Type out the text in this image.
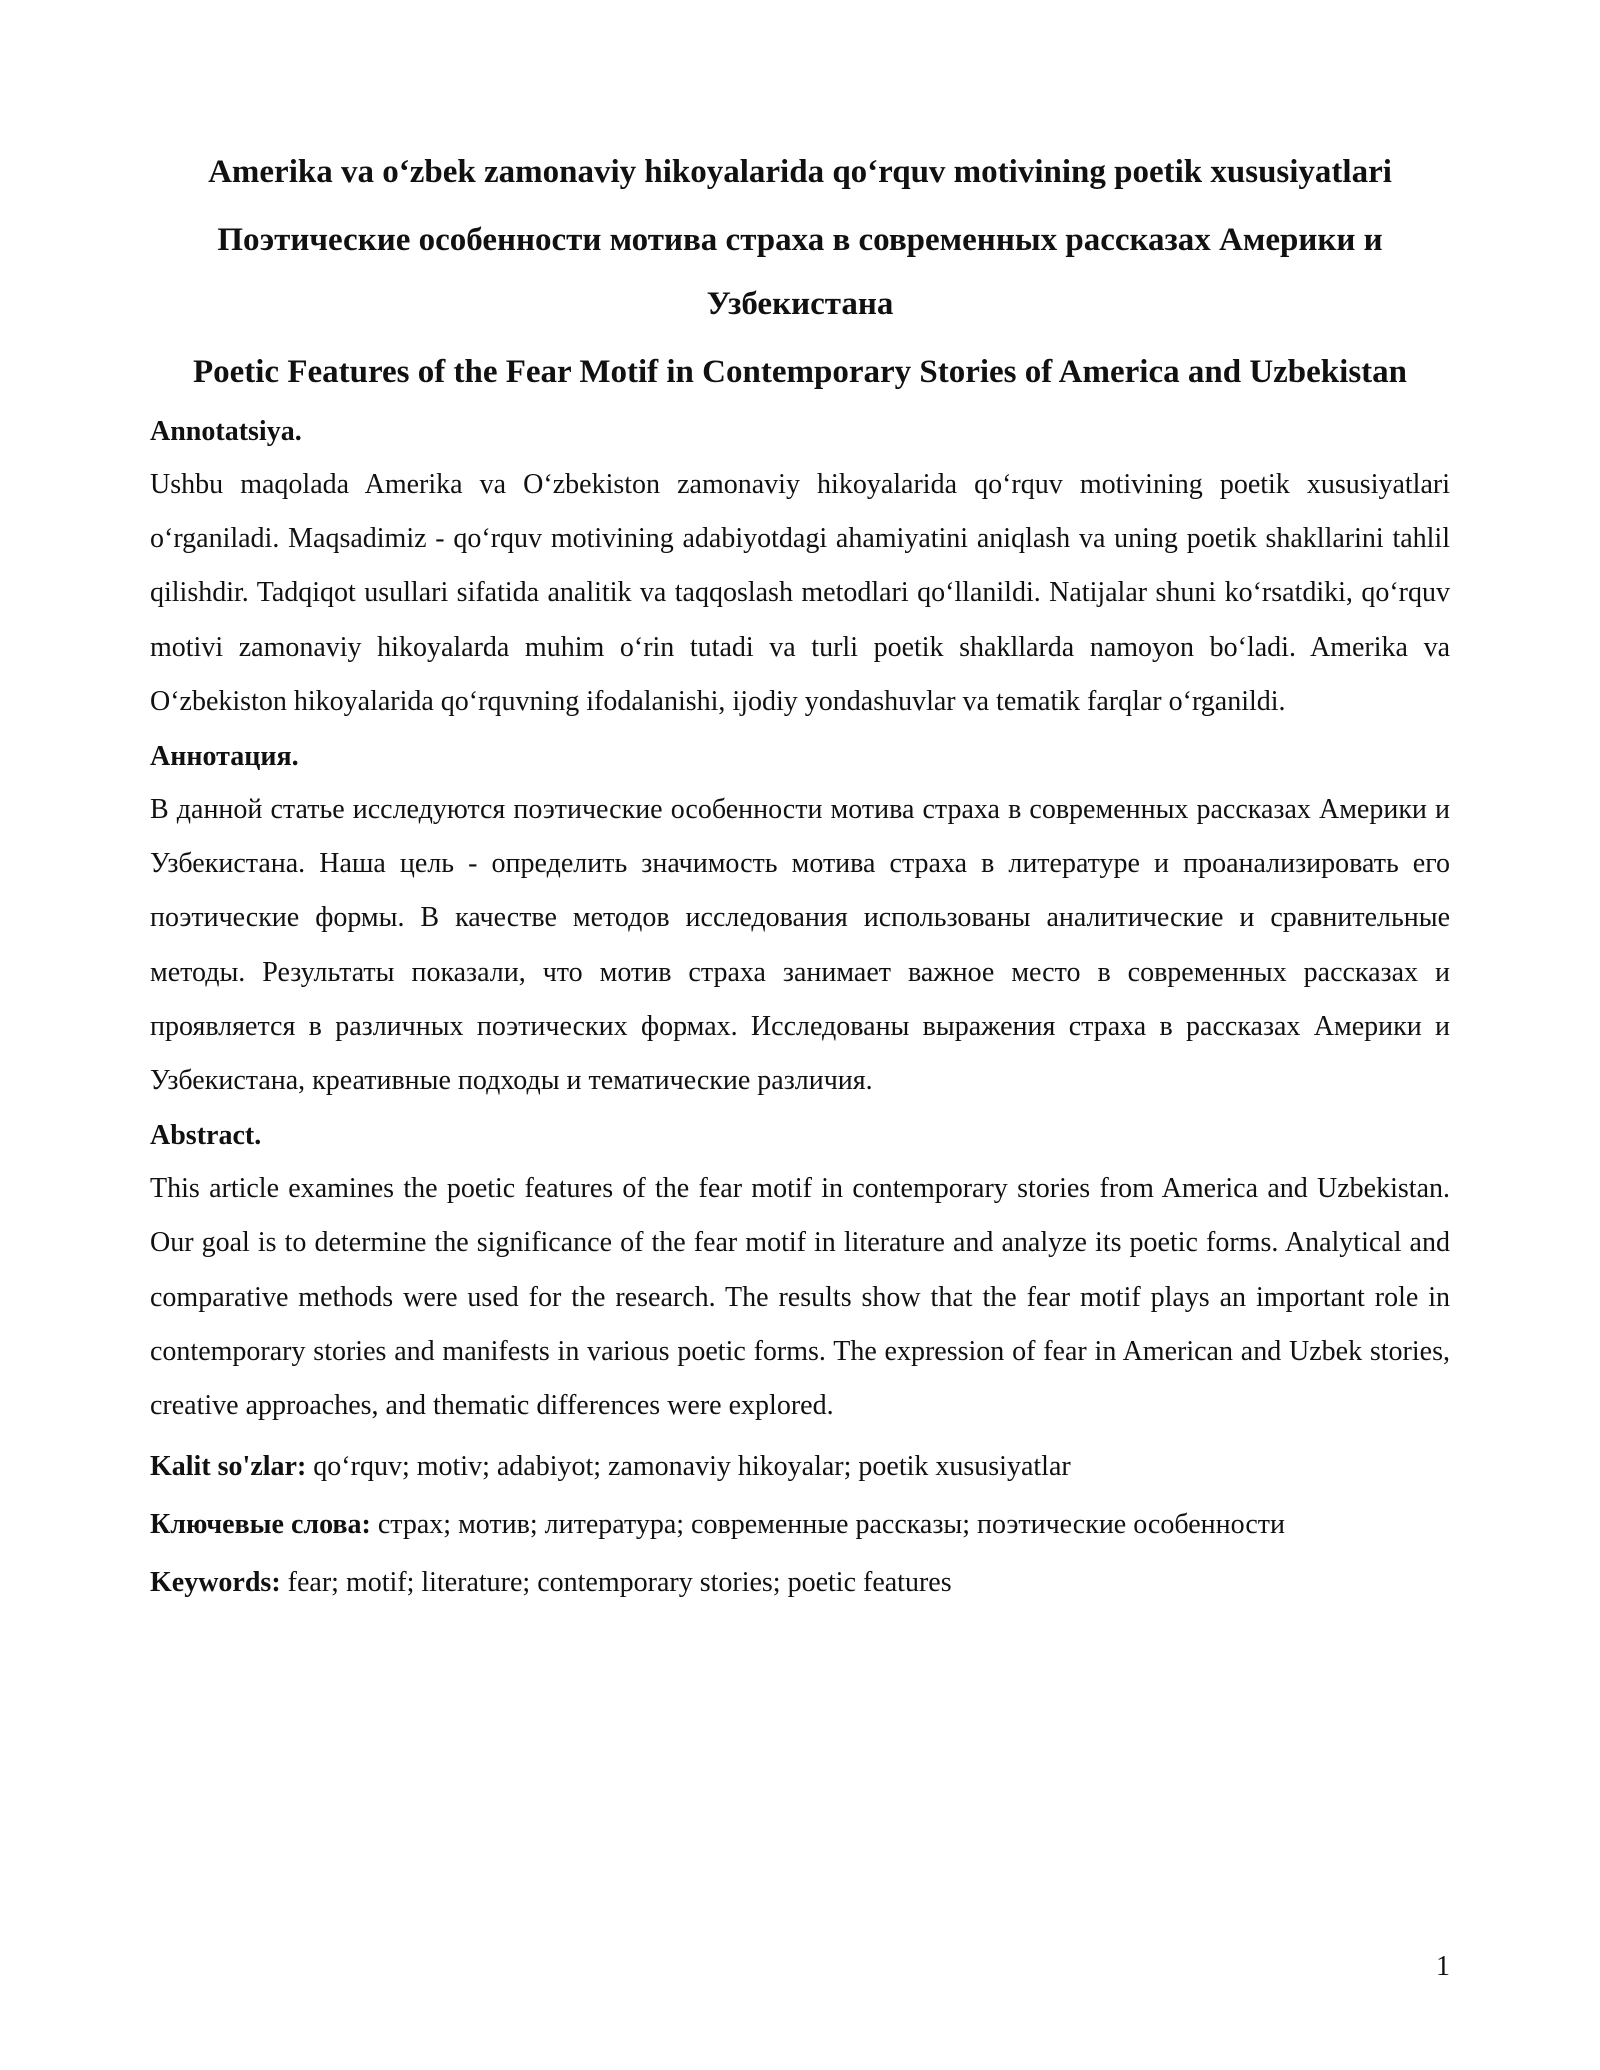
Amerika va o‘zbek zamonaviy hikoyalarida qo‘rquv motivining poetik xususiyatlari
Поэтические особенности мотива страха в современных рассказах Америки и Узбекистана
Poetic Features of the Fear Motif in Contemporary Stories of America and Uzbekistan
Annotatsiya.

Ushbu maqolada Amerika va O‘zbekiston zamonaviy hikoyalarida qo‘rquv motivining poetik xususiyatlari o‘rganiladi. Maqsadimiz - qo‘rquv motivining adabiyotdagi ahamiyatini aniqlash va uning poetik shakllarini tahlil qilishdir. Tadqiqot usullari sifatida analitik va taqqoslash metodlari qo‘llanildi. Natijalar shuni ko‘rsatdiki, qo‘rquv motivi zamonaviy hikoyalarda muhim o‘rin tutadi va turli poetik shakllarda namoyon bo‘ladi. Amerika va O‘zbekiston hikoyalarida qo‘rquvning ifodalanishi, ijodiy yondashuvlar va tematik farqlar o‘rganildi.

Аннотация.

В данной статье исследуются поэтические особенности мотива страха в современных рассказах Америки и Узбекистана. Наша цель - определить значимость мотива страха в литературе и проанализировать его поэтические формы. В качестве методов исследования использованы аналитические и сравнительные методы. Результаты показали, что мотив страха занимает важное место в современных рассказах и проявляется в различных поэтических формах. Исследованы выражения страха в рассказах Америки и Узбекистана, креативные подходы и тематические различия.

Abstract.

This article examines the poetic features of the fear motif in contemporary stories from America and Uzbekistan. Our goal is to determine the significance of the fear motif in literature and analyze its poetic forms. Analytical and comparative methods were used for the research. The results show that the fear motif plays an important role in contemporary stories and manifests in various poetic forms. The expression of fear in American and Uzbek stories, creative approaches, and thematic differences were explored.

Kalit so'zlar: qo‘rquv; motiv; adabiyot; zamonaviy hikoyalar; poetik xususiyatlar
Ключевые слова: страх; мотив; литература; современные рассказы; поэтические особенности
Keywords: fear; motif; literature; contemporary stories; poetic features
1
